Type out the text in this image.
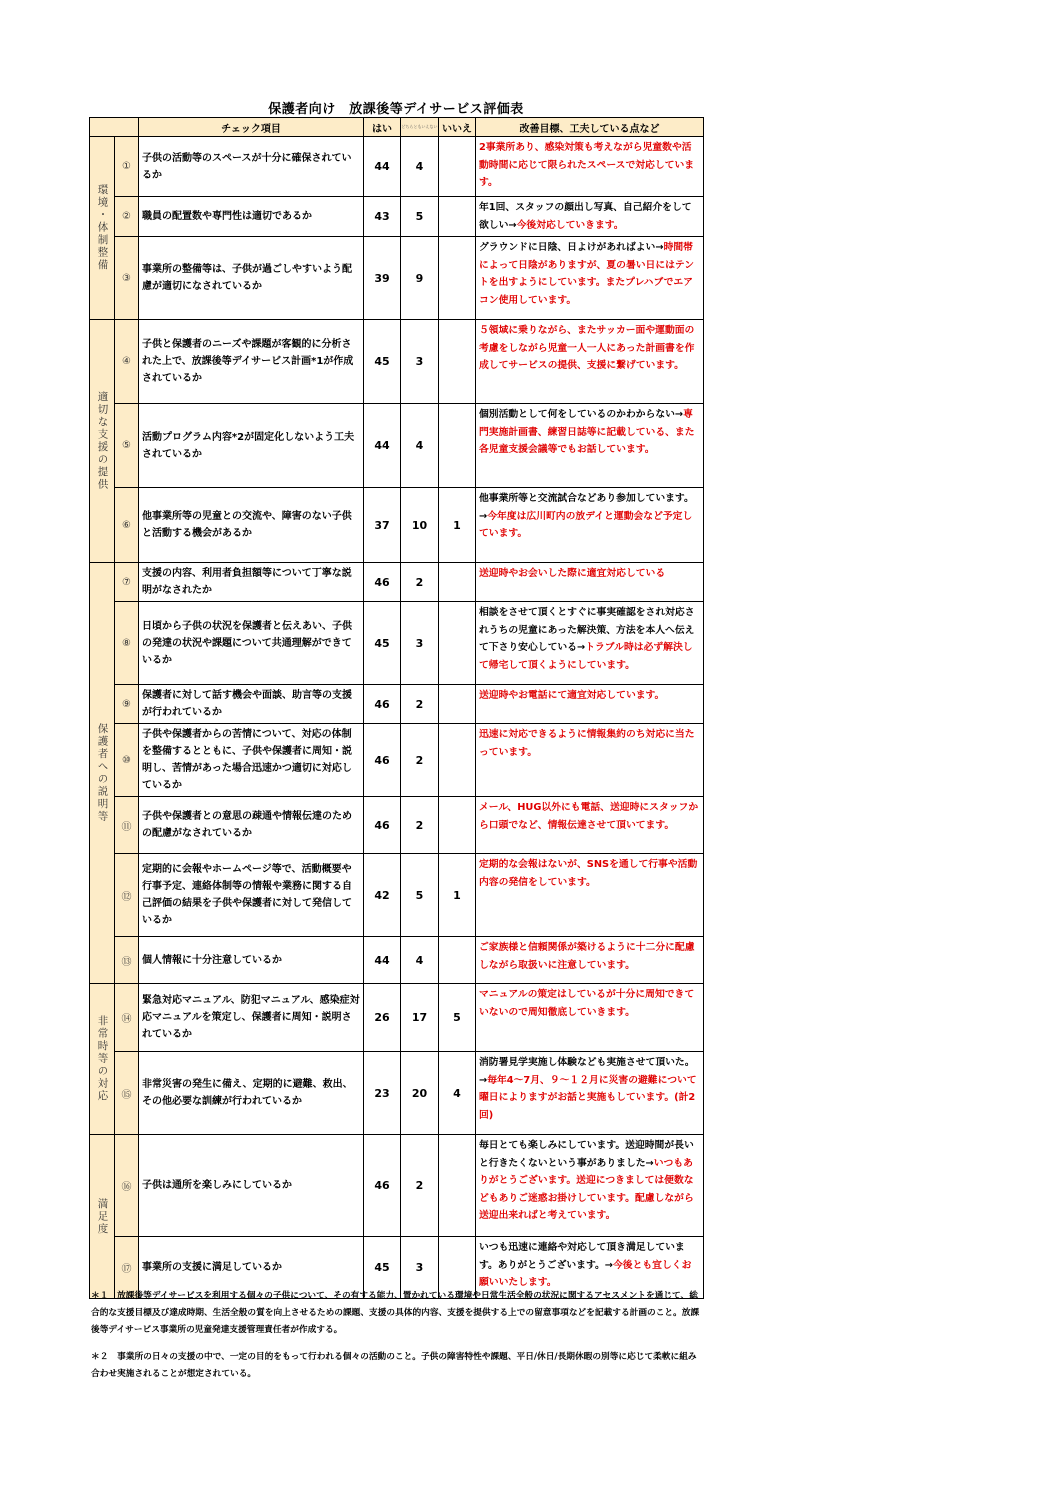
保護者向け　放課後等デイサービス評価表
		チェック項目	はい	どちらともいえない	いいえ	改善目標、工夫している点など
環境・体制整備	①	子供の活動等のスペースが十分に確保されているか	44	4		2事業所あり、感染対策も考えながら児童数や活動時間に応じて限られたスペースで対応しています。
	②	職員の配置数や専門性は適切であるか	43	5		年1回、スタッフの顔出し写真、自己紹介をして欲しい→今後対応していきます。
	③	事業所の整備等は、子供が過ごしやすいよう配慮が適切になされているか	39	9		グラウンドに日陰、日よけがあればよい→時間帯によって日陰がありますが、夏の暑い日にはテントを出すようにしています。またプレハブでエアコン使用しています。
適切な支援の提供	④	子供と保護者のニーズや課題が客観的に分析された上で、放課後等デイサービス計画*1が作成されているか	45	3		５領域に乗りながら、またサッカー面や運動面の考慮をしながら児童一人一人にあった計画書を作成してサービスの提供、支援に繋げています。
	⑤	活動プログラム内容*2が固定化しないよう工夫されているか	44	4		個別活動として何をしているのかわからない→専門実施計画書、練習日誌等に記載している、また各児童支援会議等でもお話しています。
	⑥	他事業所等の児童との交流や、障害のない子供と活動する機会があるか	37	10	1	他事業所等と交流試合などあり参加しています。→今年度は広川町内の放デイと運動会など予定しています。
保護者への説明等	⑦	支援の内容、利用者負担額等について丁寧な説明がなされたか	46	2		送迎時やお会いした際に適宜対応している
	⑧	日頃から子供の状況を保護者と伝えあい、子供の発達の状況や課題について共通理解ができているか	45	3		相談をさせて頂くとすぐに事実確認をされ対応されうちの児童にあった解決策、方法を本人へ伝えて下さり安心している→トラブル時は必ず解決して帰宅して頂くようにしています。
	⑨	保護者に対して話す機会や面談、助言等の支援が行われているか	46	2		送迎時やお電話にて適宜対応しています。
	⑩	子供や保護者からの苦情について、対応の体制を整備するとともに、子供や保護者に周知・説明し、苦情があった場合迅速かつ適切に対応しているか	46	2		迅速に対応できるように情報集約のち対応に当たっています。
	⑪	子供や保護者との意思の疎通や情報伝達のための配慮がなされているか	46	2		メール、HUG以外にも電話、送迎時にスタッフから口頭でなど、情報伝達させて頂いてます。
	⑫	定期的に会報やホームページ等で、活動概要や行事予定、連絡体制等の情報や業務に関する自己評価の結果を子供や保護者に対して発信しているか	42	5	1	定期的な会報はないが、SNSを通して行事や活動内容の発信をしています。
	⑬	個人情報に十分注意しているか	44	4		ご家族様と信頼関係が築けるように十二分に配慮しながら取扱いに注意しています。
非常時等の対応	⑭	緊急対応マニュアル、防犯マニュアル、感染症対応マニュアルを策定し、保護者に周知・説明されているか	26	17	5	マニュアルの策定はしているが十分に周知できていないので周知徹底していきます。
	⑮	非常災害の発生に備え、定期的に避難、救出、その他必要な訓練が行われているか	23	20	4	消防署見学実施し体験なども実施させて頂いた。→毎年4～7月、９～１２月に災害の避難について曜日によりますがお話と実施もしています。(計2回)
満足度	⑯	子供は通所を楽しみにしているか	46	2		毎日とても楽しみにしています。送迎時間が長いと行きたくないという事がありました→いつもありがとうございます。送迎につきましては便数などもありご迷惑お掛けしています。配慮しながら送迎出来ればと考えています。
	⑰	事業所の支援に満足しているか	45	3		いつも迅速に連絡や対応して頂き満足しています。ありがとうございます。→今後とも宜しくお願いいたします。

＊１　放課後等デイサービスを利用する個々の子供について、その有する能力、置かれている環境や日常生活全般の状況に関するアセスメントを通じて、総合的な支援目標及び達成時期、生活全般の質を向上させるための課題、支援の具体的内容、支援を提供する上での留意事項などを記載する計画のこと。放課後等デイサービス事業所の児童発達支援管理責任者が作成する。

＊２　事業所の日々の支援の中で、一定の目的をもって行われる個々の活動のこと。子供の障害特性や課題、平日/休日/長期休暇の別等に応じて柔軟に組み合わせ実施されることが想定されている。
